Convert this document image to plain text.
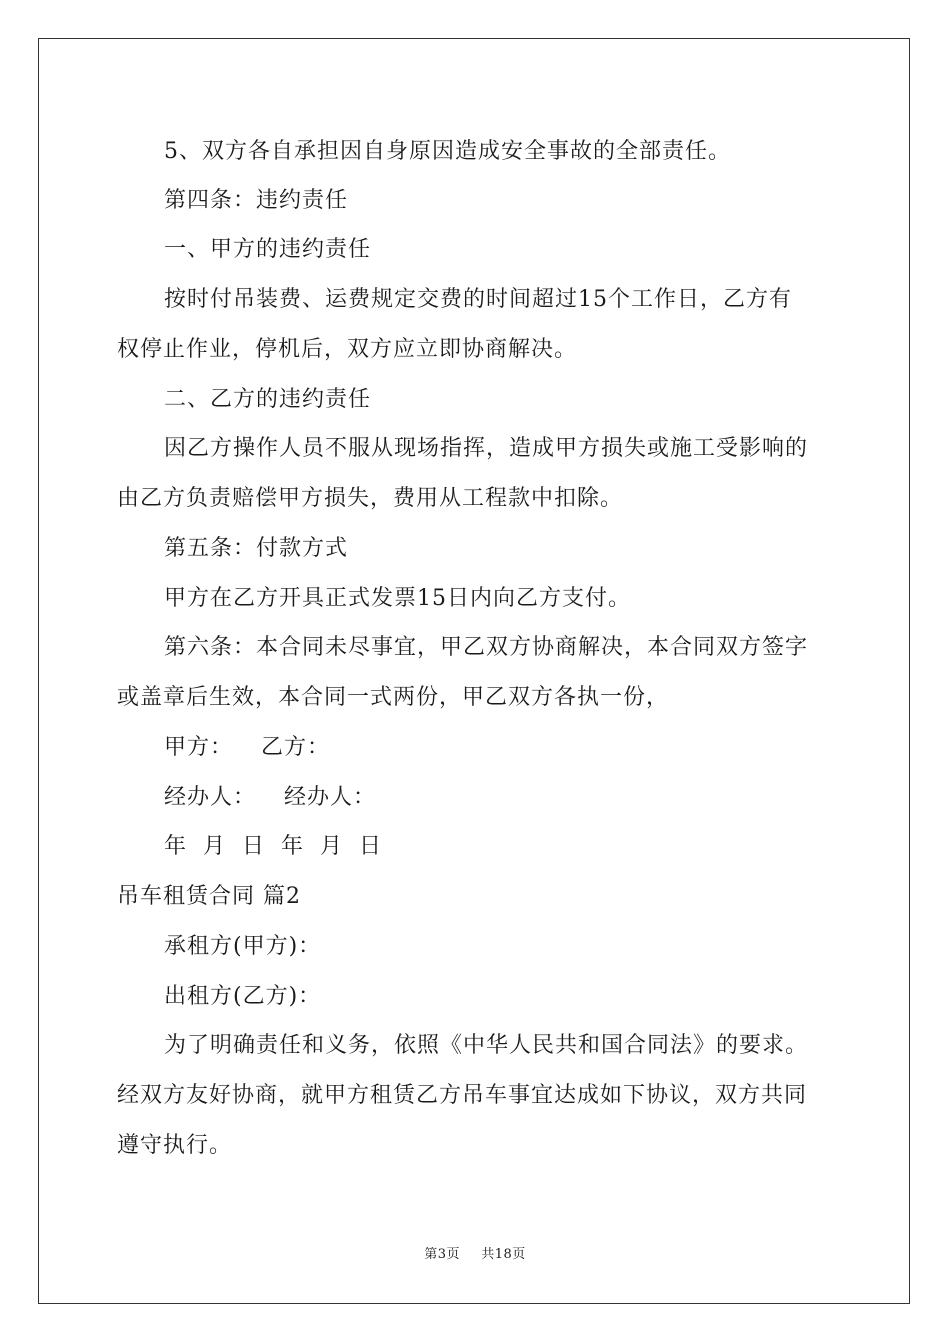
5、双方各自承担因自身原因造成安全事故的全部责任。
第四条：违约责任
一、甲方的违约责任
按时付吊装费、运费规定交费的时间超过15个工作日，乙方有
权停止作业，停机后，双方应立即协商解决。
二、乙方的违约责任
因乙方操作人员不服从现场指挥，造成甲方损失或施工受影响的
由乙方负责赔偿甲方损失，费用从工程款中扣除。
第五条：付款方式
甲方在乙方开具正式发票15日内向乙方支付。
第六条：本合同未尽事宜，甲乙双方协商解决，本合同双方签字
或盖章后生效，本合同一式两份，甲乙双方各执一份，
甲方： 乙方：
经办人： 经办人：
年 月 日 年 月 日
吊车租赁合同 篇2
承租方(甲方)：
出租方(乙方)：
为了明确责任和义务，依照《中华人民共和国合同法》的要求。
经双方友好协商，就甲方租赁乙方吊车事宜达成如下协议，双方共同
遵守执行。
第3页 共18页
